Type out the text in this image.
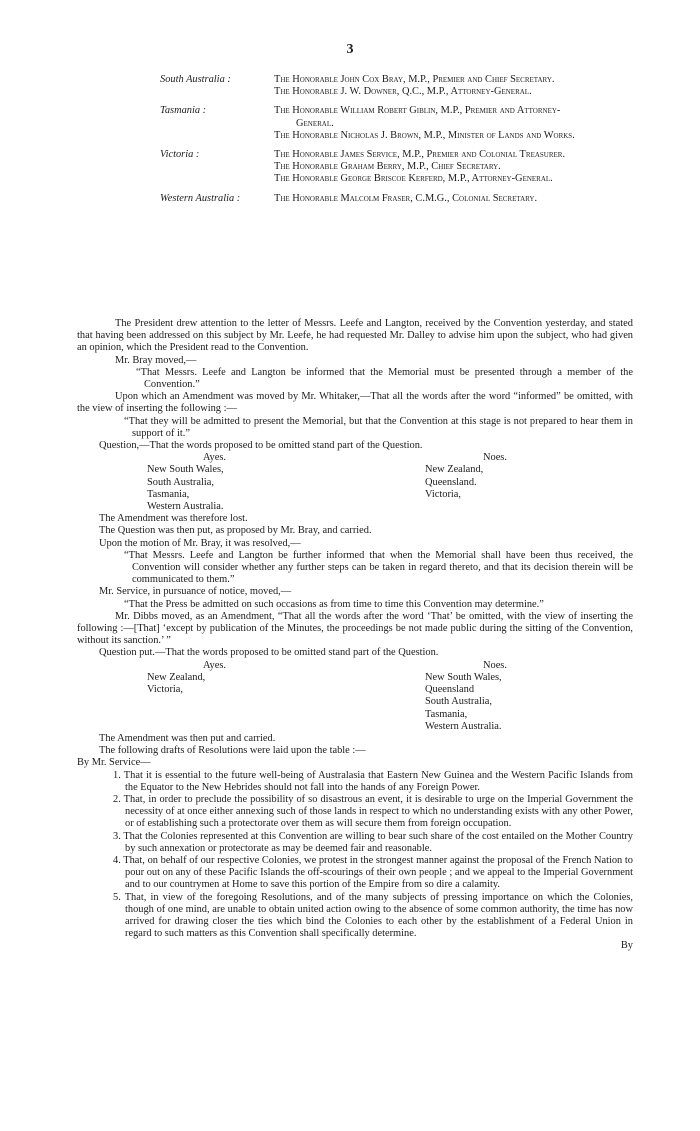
3
South Australia :	The Honorable John Cox Bray, M.P., Premier and Chief Secretary.
The Honorable J. W. Downer, Q.C., M.P., Attorney-General.
Tasmania :	The Honorable William Robert Giblin, M.P., Premier and Attorney-General.
The Honorable Nicholas J. Brown, M.P., Minister of Lands and Works.
Victoria :	The Honorable James Service, M.P., Premier and Colonial Treasurer.
The Honorable Graham Berry, M.P., Chief Secretary.
The Honorable George Briscoe Kerferd, M.P., Attorney-General.
Western Australia :	The Honorable Malcolm Fraser, C.M.G., Colonial Secretary.

The President drew attention to the letter of Messrs. Leefe and Langton, received by the Convention yesterday, and stated that having been addressed on this subject by Mr. Leefe, he had requested Mr. Dalley to advise him upon the subject, who had given an opinion, which the President read to the Convention.

Mr. Bray moved,—

“That Messrs. Leefe and Langton be informed that the Memorial must be presented through a member of the Convention.”

Upon which an Amendment was moved by Mr. Whitaker,—That all the words after the word “informed” be omitted, with the view of inserting the following :—

“That they will be admitted to present the Memorial, but that the Convention at this stage is not prepared to hear them in support of it.”

Question,—That the words proposed to be omitted stand part of the Question.

Ayes.
New South Wales,
South Australia,
Tasmania,
Western Australia.
Noes.
New Zealand,
Queensland.
Victoria,

The Amendment was therefore lost.

The Question was then put, as proposed by Mr. Bray, and carried.

Upon the motion of Mr. Bray, it was resolved,—

“That Messrs. Leefe and Langton be further informed that when the Memorial shall have been thus received, the Convention will consider whether any further steps can be taken in regard thereto, and that its decision therein will be communicated to them.”

Mr. Service, in pursuance of notice, moved,—

“That the Press be admitted on such occasions as from time to time this Convention may determine.”

Mr. Dibbs moved, as an Amendment, “That all the words after the word ‘That’ be omitted, with the view of inserting the following :—[That] ‘except by publication of the Minutes, the proceedings be not made public during the sitting of the Convention, without its sanction.’ ”

Question put.—That the words proposed to be omitted stand part of the Question.

Ayes.
New Zealand,
Victoria,
Noes.
New South Wales,
Queensland
South Australia,
Tasmania,
Western Australia.

The Amendment was then put and carried.

The following drafts of Resolutions were laid upon the table :—

By Mr. Service—

1. That it is essential to the future well-being of Australasia that Eastern New Guinea and the Western Pacific Islands from the Equator to the New Hebrides should not fall into the hands of any Foreign Power.

2. That, in order to preclude the possibility of so disastrous an event, it is desirable to urge on the Imperial Government the necessity of at once either annexing such of those lands in respect to which no understanding exists with any other Power, or of establishing such a protectorate over them as will secure them from foreign occupation.

3. That the Colonies represented at this Convention are willing to bear such share of the cost entailed on the Mother Country by such annexation or protectorate as may be deemed fair and reasonable.

4. That, on behalf of our respective Colonies, we protest in the strongest manner against the proposal of the French Nation to pour out on any of these Pacific Islands the off-scourings of their own people ; and we appeal to the Imperial Government and to our countrymen at Home to save this portion of the Empire from so dire a calamity.

5. That, in view of the foregoing Resolutions, and of the many subjects of pressing importance on which the Colonies, though of one mind, are unable to obtain united action owing to the absence of some common authority, the time has now arrived for drawing closer the ties which bind the Colonies to each other by the establishment of a Federal Union in regard to such matters as this Convention shall specifically determine.

By
